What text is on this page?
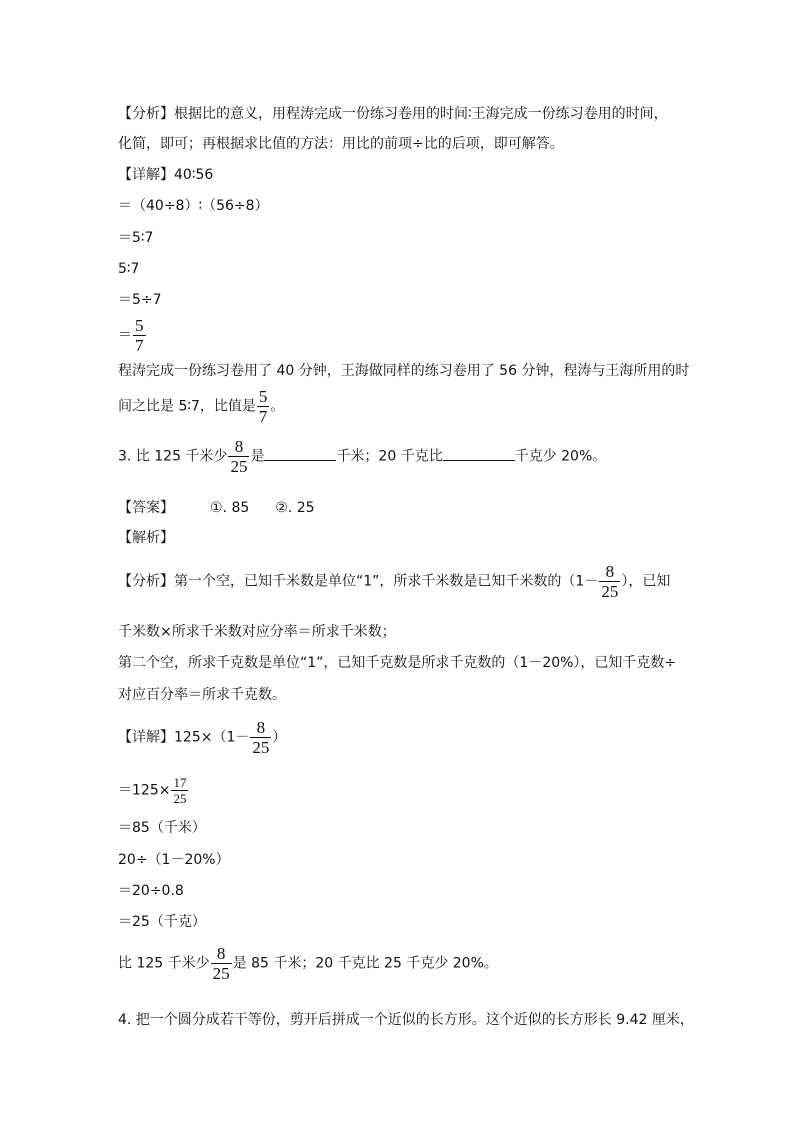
【分析】根据比的意义，用程涛完成一份练习卷用的时间∶王海完成一份练习卷用的时间，
化简，即可；再根据求比值的方法：用比的前项÷比的后项，即可解答。
【详解】40∶56
＝（40÷8）∶（56÷8）
＝5∶7
5∶7
＝5÷7
＝ $\frac{5}{7}$
程涛完成一份练习卷用了 40 分钟，王海做同样的练习卷用了 56 分钟，程涛与王海所用的时
间之比是 5∶7，比值是 $\frac{5}{7}$ 。
3. 比 125 千米少 $\frac{8}{25}$ 是	千米；20 千克比	千克少 20%。
【答案】	①. 85 ②. 25
【解析】
【分析】第一个空，已知千米数是单位“1”，所求千米数是已知千米数的（$1- \frac{8}{25}$ ），已知
千米数×所求千米数对应分率＝所求千米数；
第二个空，所求千克数是单位“1”，已知千克数是所求千克数的（1－20%），已知千克数÷
对应百分率＝所求千克数。
【详解】$125\times(1- \frac{8}{25}$ ）
$=125\times \frac{17}{25}$
＝85（千米）
20÷（1－20%）
＝20÷0.8
＝25（千克）
比 125 千米少 $\frac{8}{25}$ 是 85 千米；20 千克比 25 千克少 20%。
4. 把一个圆分成若干等份，剪开后拼成一个近似的长方形。这个近似的长方形长 9.42 厘米，
